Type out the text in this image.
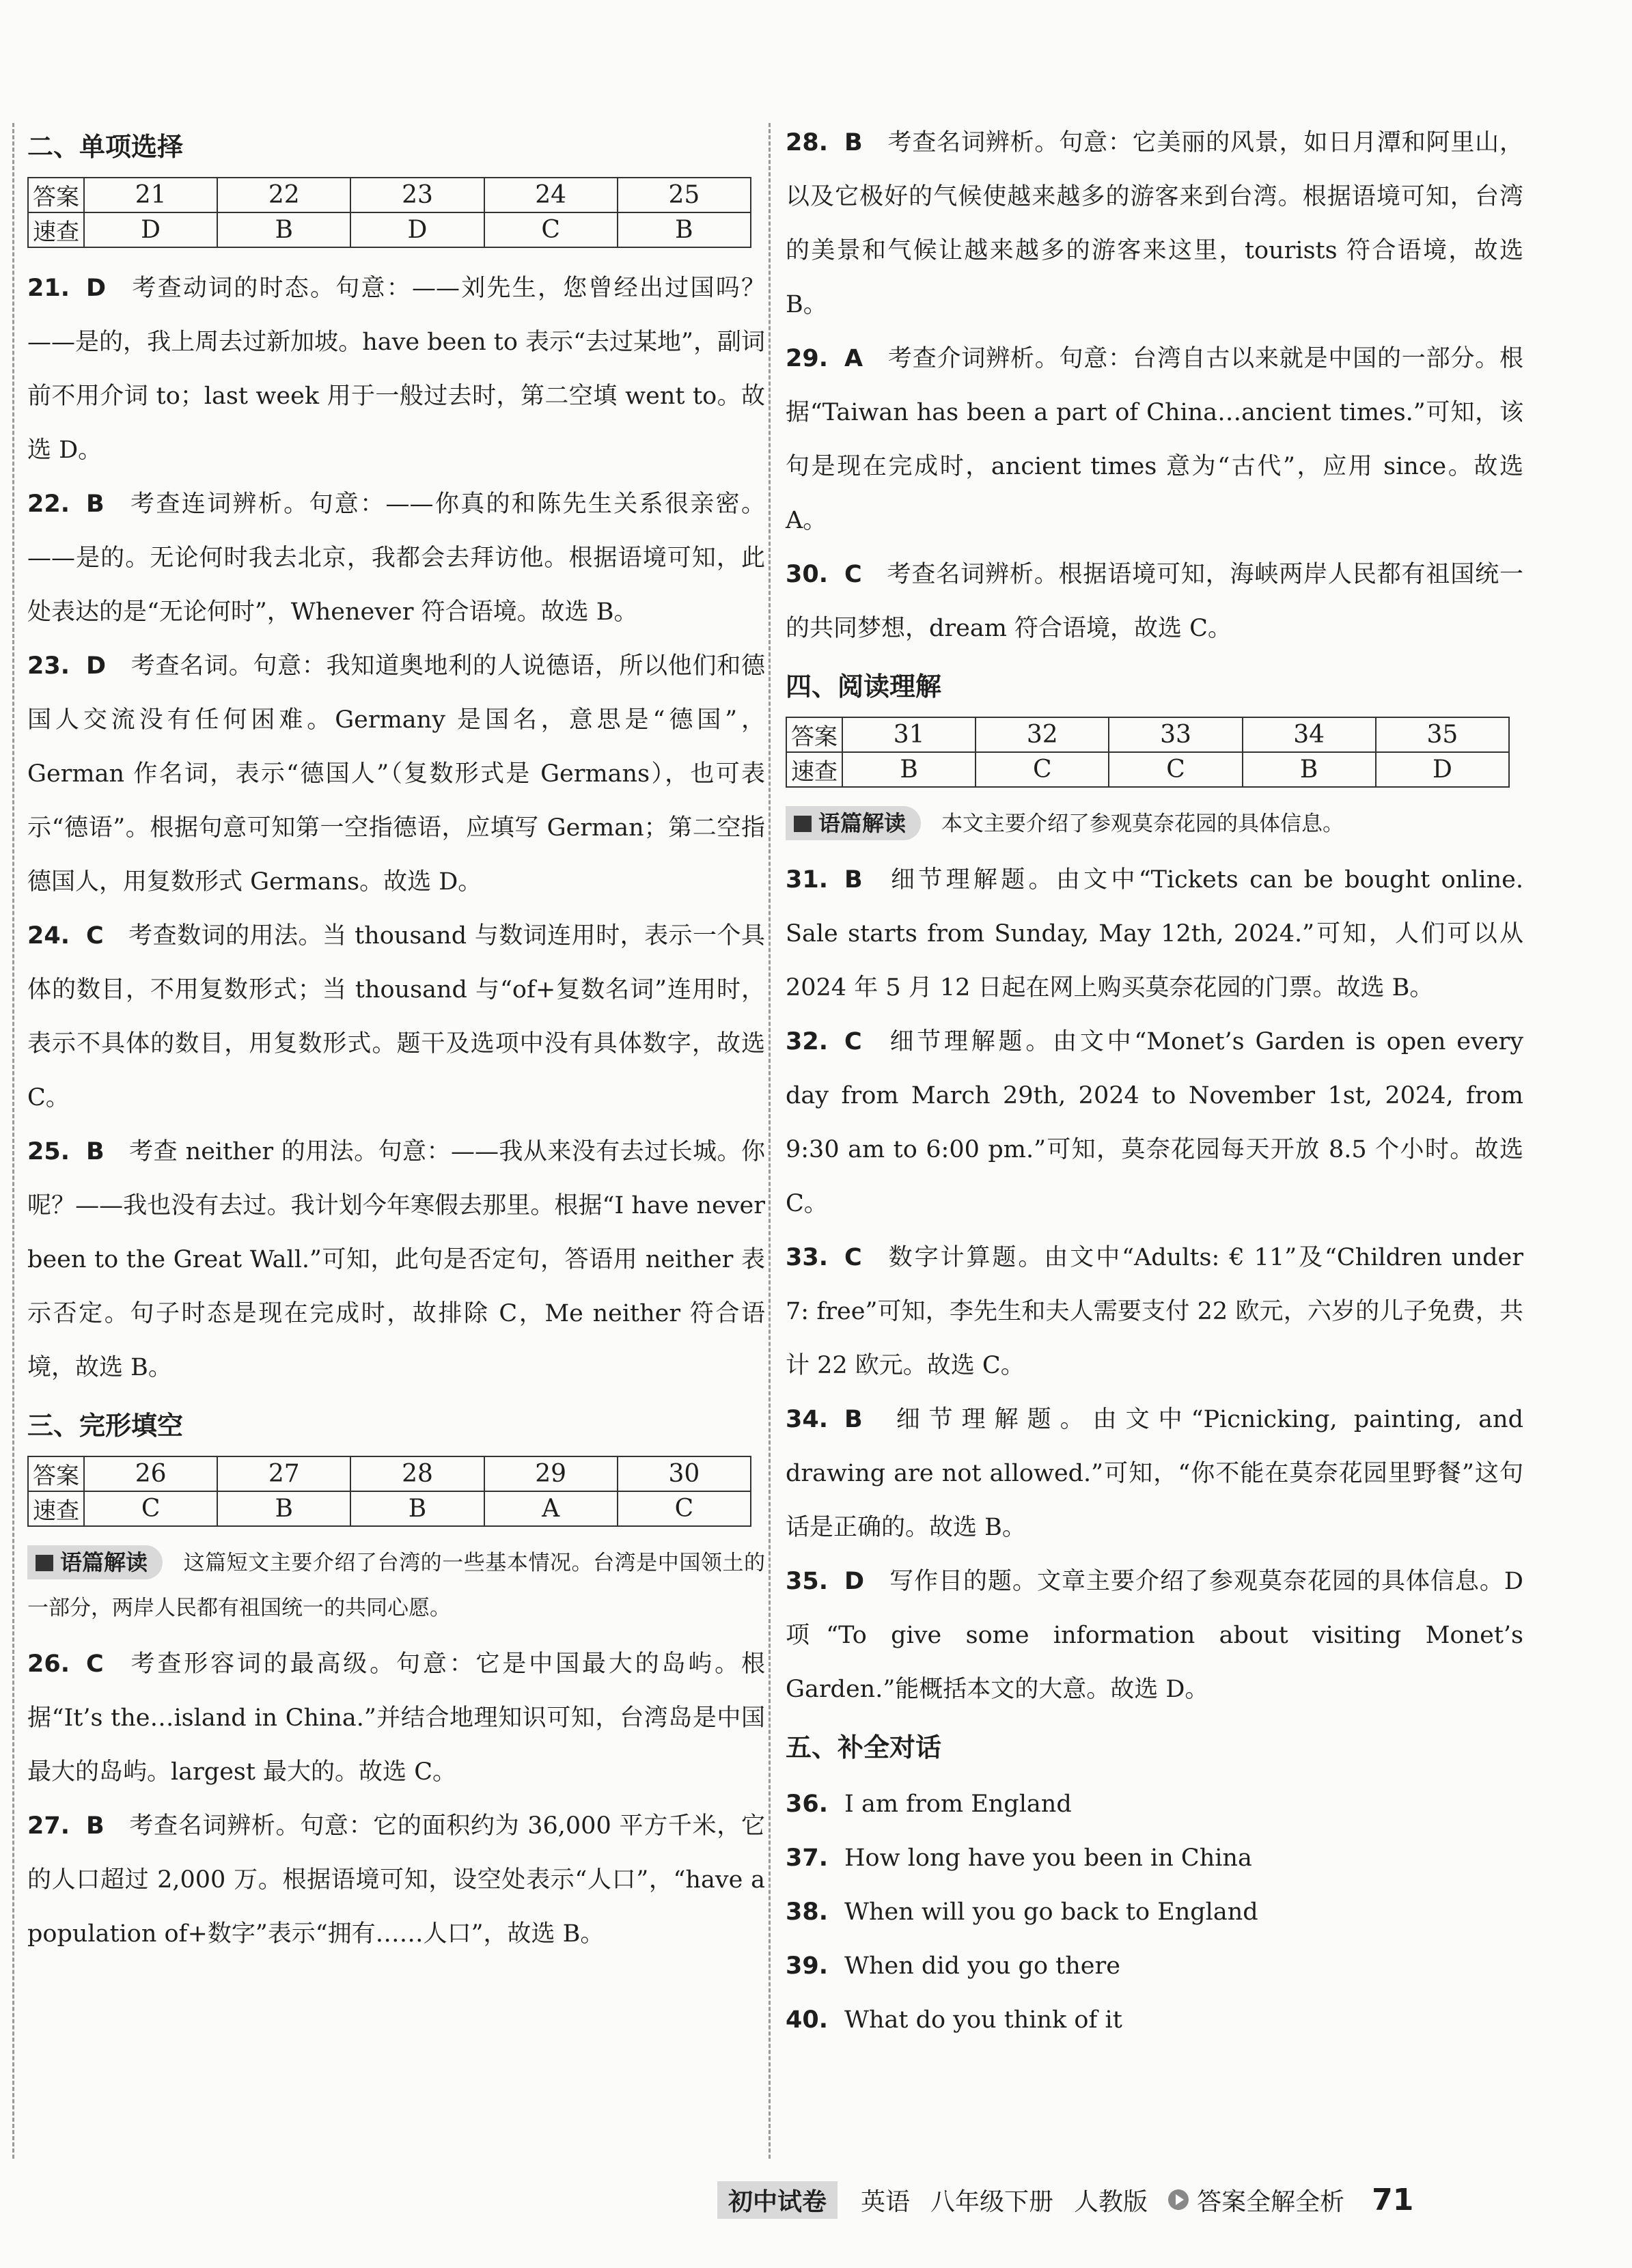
二、单项选择
答案	21	22	23	24	25
速查	D	B	D	C	B

21. D 考查动词的时态。句意：——刘先生，您曾经出过国吗？——是的，我上周去过新加坡。have been to 表示“去过某地”，副词前不用介词 to；last week 用于一般过去时，第二空填 went to。故选 D。

22. B 考查连词辨析。句意：——你真的和陈先生关系很亲密。——是的。无论何时我去北京，我都会去拜访他。根据语境可知，此处表达的是“无论何时”，Whenever 符合语境。故选 B。

23. D 考查名词。句意：我知道奥地利的人说德语，所以他们和德国人交流没有任何困难。Germany 是国名，意思是“德国”，German 作名词，表示“德国人”（复数形式是 Germans），也可表示“德语”。根据句意可知第一空指德语，应填写 German；第二空指德国人，用复数形式 Germans。故选 D。

24. C 考查数词的用法。当 thousand 与数词连用时，表示一个具体的数目，不用复数形式；当 thousand 与“of+复数名词”连用时，表示不具体的数目，用复数形式。题干及选项中没有具体数字，故选 C。

25. B 考查 neither 的用法。句意：——我从来没有去过长城。你呢？——我也没有去过。我计划今年寒假去那里。根据“I have never been to the Great Wall.”可知，此句是否定句，答语用 neither 表示否定。句子时态是现在完成时，故排除 C，Me neither 符合语境，故选 B。

三、完形填空
答案	26	27	28	29	30
速查	C	B	B	A	C

语篇解读 这篇短文主要介绍了台湾的一些基本情况。台湾是中国领土的一部分，两岸人民都有祖国统一的共同心愿。

26. C 考查形容词的最高级。句意：它是中国最大的岛屿。根据“It’s the…island in China.”并结合地理知识可知，台湾岛是中国最大的岛屿。largest 最大的。故选 C。

27. B 考查名词辨析。句意：它的面积约为 36,000 平方千米，它的人口超过 2,000 万。根据语境可知，设空处表示“人口”，“have a population of+数字”表示“拥有……人口”，故选 B。

28. B 考查名词辨析。句意：它美丽的风景，如日月潭和阿里山，以及它极好的气候使越来越多的游客来到台湾。根据语境可知，台湾的美景和气候让越来越多的游客来这里，tourists 符合语境，故选 B。

29. A 考查介词辨析。句意：台湾自古以来就是中国的一部分。根据“Taiwan has been a part of China…ancient times.”可知，该句是现在完成时，ancient times 意为“古代”，应用 since。故选 A。

30. C 考查名词辨析。根据语境可知，海峡两岸人民都有祖国统一的共同梦想，dream 符合语境，故选 C。

四、阅读理解
答案	31	32	33	34	35
速查	B	C	C	B	D

语篇解读 本文主要介绍了参观莫奈花园的具体信息。

31. B 细节理解题。由文中“Tickets can be bought online. Sale starts from Sunday, May 12th, 2024.”可知，人们可以从 2024 年 5 月 12 日起在网上购买莫奈花园的门票。故选 B。

32. C 细节理解题。由文中“Monet’s Garden is open every day from March 29th, 2024 to November 1st, 2024, from 9:30 am to 6:00 pm.”可知，莫奈花园每天开放 8.5 个小时。故选 C。

33. C 数字计算题。由文中“Adults: € 11”及“Children under 7: free”可知，李先生和夫人需要支付 22 欧元，六岁的儿子免费，共计 22 欧元。故选 C。

34. B 细节理解题。由文中“Picnicking, painting, and drawing are not allowed.”可知，“你不能在莫奈花园里野餐”这句话是正确的。故选 B。

35. D 写作目的题。文章主要介绍了参观莫奈花园的具体信息。D 项“To give some information about visiting Monet’s Garden.”能概括本文的大意。故选 D。

五、补全对话

36. I am from England

37. How long have you been in China

38. When will you go back to England

39. When did you go there

40. What do you think of it

初中试卷	英语 八年级下册 人教版 答案全解全析 71
